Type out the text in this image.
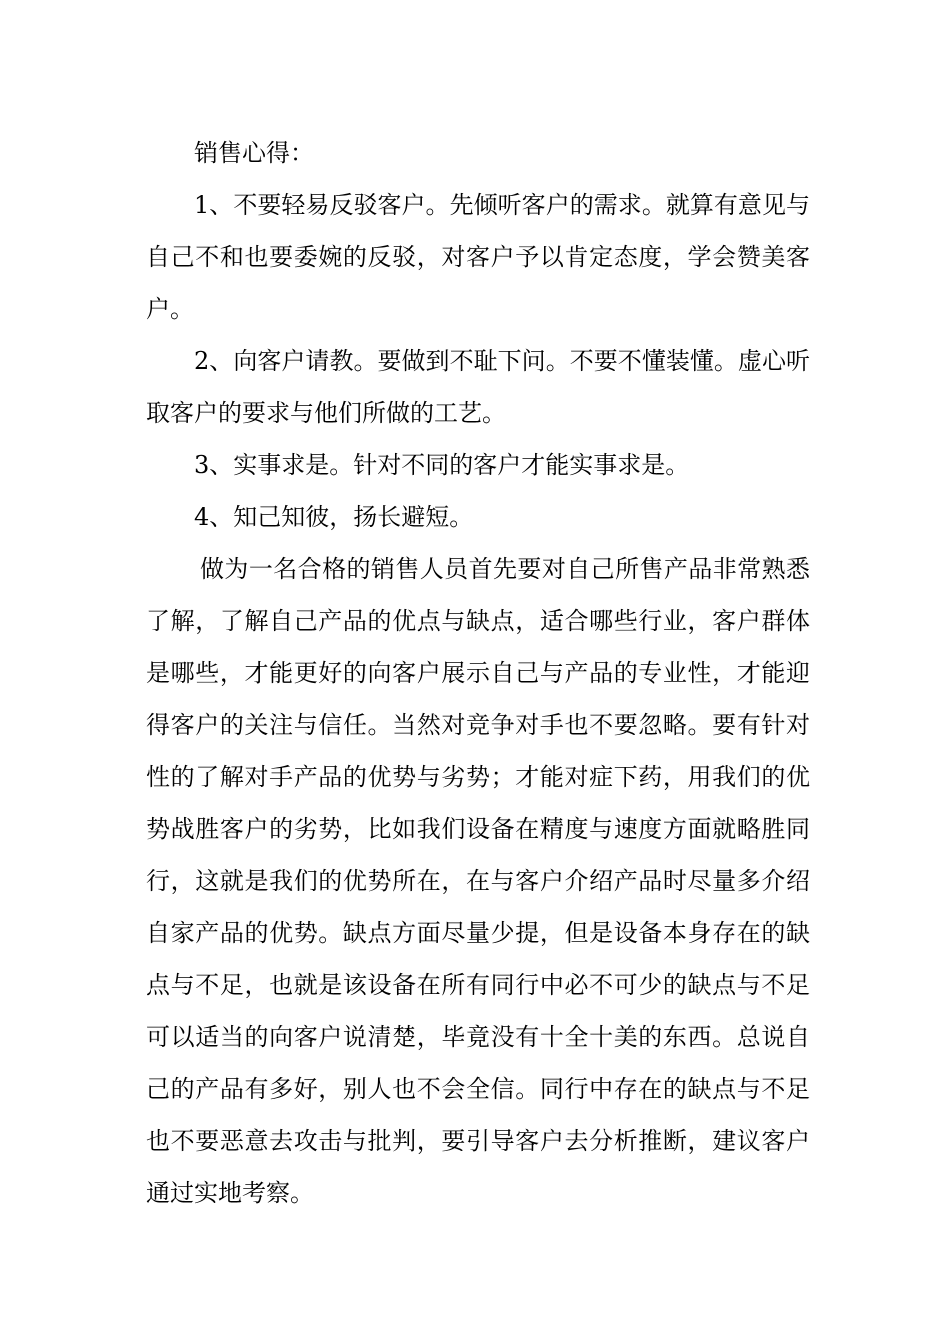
销售心得：

1、不要轻易反驳客户。先倾听客户的需求。就算有意见与自己不和也要委婉的反驳，对客户予以肯定态度，学会赞美客户。

2、向客户请教。要做到不耻下问。不要不懂装懂。虚心听取客户的要求与他们所做的工艺。

3、实事求是。针对不同的客户才能实事求是。

4、知己知彼，扬长避短。

做为一名合格的销售人员首先要对自己所售产品非常熟悉了解，了解自己产品的优点与缺点，适合哪些行业，客户群体是哪些，才能更好的向客户展示自己与产品的专业性，才能迎得客户的关注与信任。当然对竞争对手也不要忽略。要有针对性的了解对手产品的优势与劣势；才能对症下药，用我们的优势战胜客户的劣势，比如我们设备在精度与速度方面就略胜同行，这就是我们的优势所在，在与客户介绍产品时尽量多介绍自家产品的优势。缺点方面尽量少提，但是设备本身存在的缺点与不足，也就是该设备在所有同行中必不可少的缺点与不足可以适当的向客户说清楚，毕竟没有十全十美的东西。总说自己的产品有多好，别人也不会全信。同行中存在的缺点与不足也不要恶意去攻击与批判，要引导客户去分析推断，建议客户通过实地考察。
